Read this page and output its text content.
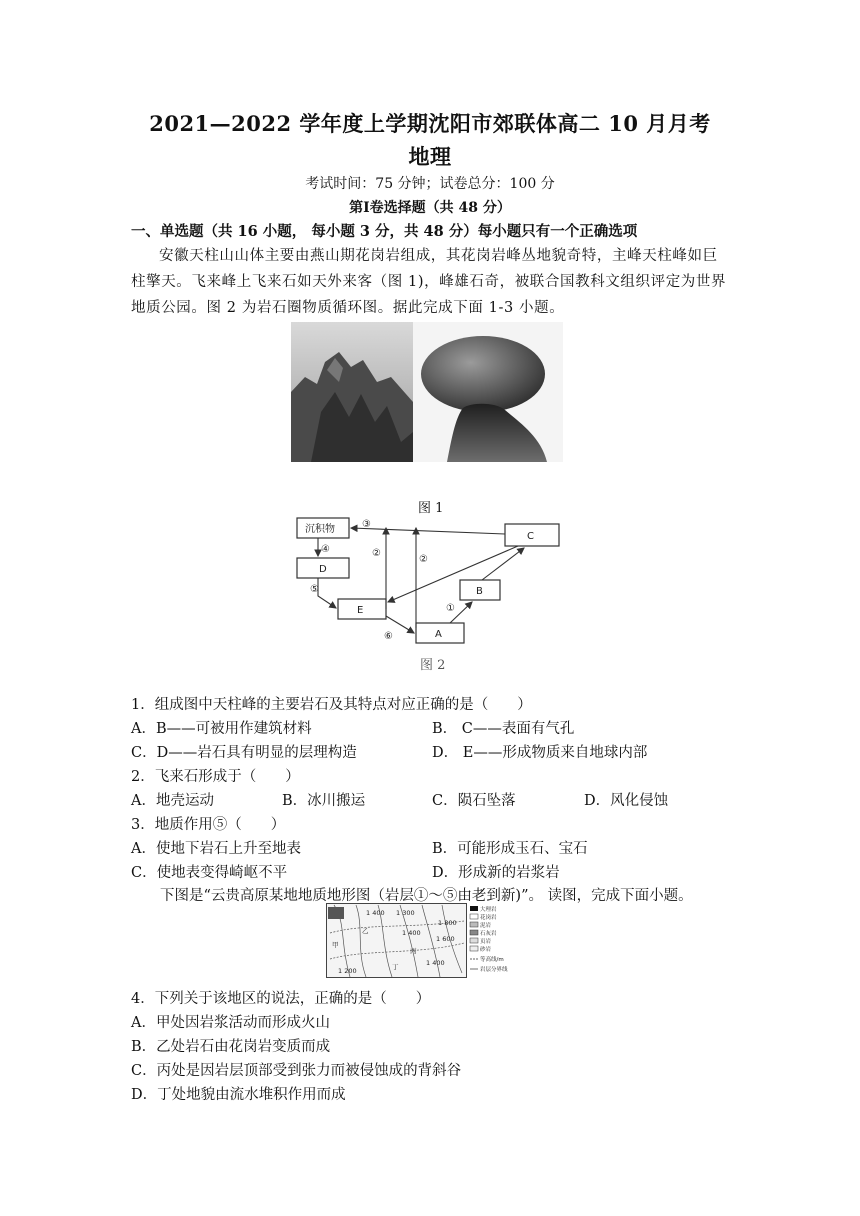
2021—2022 学年度上学期沈阳市郊联体高二 10 月月考
地理
考试时间：75 分钟；试卷总分：100 分
第Ⅰ卷选择题（共 48 分）
一、单选题（共 16 小题， 每小题 3 分，共 48 分）每小题只有一个正确选项
安徽天柱山山体主要由燕山期花岗岩组成，其花岗岩峰丛地貌奇特，主峰天柱峰如巨柱擎天。飞来峰上飞来石如天外来客（图 1)，峰雄石奇，被联合国教科文组织评定为世界地质公园。图 2 为岩石圈物质循环图。据此完成下面 1-3 小题。
图 1
沉积物
C
D
B
E
A
③
④	②
②
⑤
⑥
①
图 2
1．组成图中天柱峰的主要岩石及其特点对应正确的是（　　）
A．B——可被用作建筑材料	B． C——表面有气孔
C．D——岩石具有明显的层理构造	D． E——形成物质来自地球内部
2．飞来石形成于（　　）
A．地壳运动	B．冰川搬运	C．陨石坠落	D．风化侵蚀
3．地质作用⑤（　　）
A．使地下岩石上升至地表	B．可能形成玉石、宝石
C．使地表变得崎岖不平	D．形成新的岩浆岩
下图是“云贵高原某地地质地形图（岩层①～⑤由老到新)”。 读图，完成下面小题。
甲
乙
丙
丁
1 400 1 300
1 600
1 400
1 200
1 800
1 400
大理岩
花岗岩
泥岩
石灰岩
页岩
砂岩
等高线/m
岩层分界线
4．下列关于该地区的说法，正确的是（　　）
A．甲处因岩浆活动而形成火山
B．乙处岩石由花岗岩变质而成
C．丙处是因岩层顶部受到张力而被侵蚀成的背斜谷
D．丁处地貌由流水堆积作用而成
